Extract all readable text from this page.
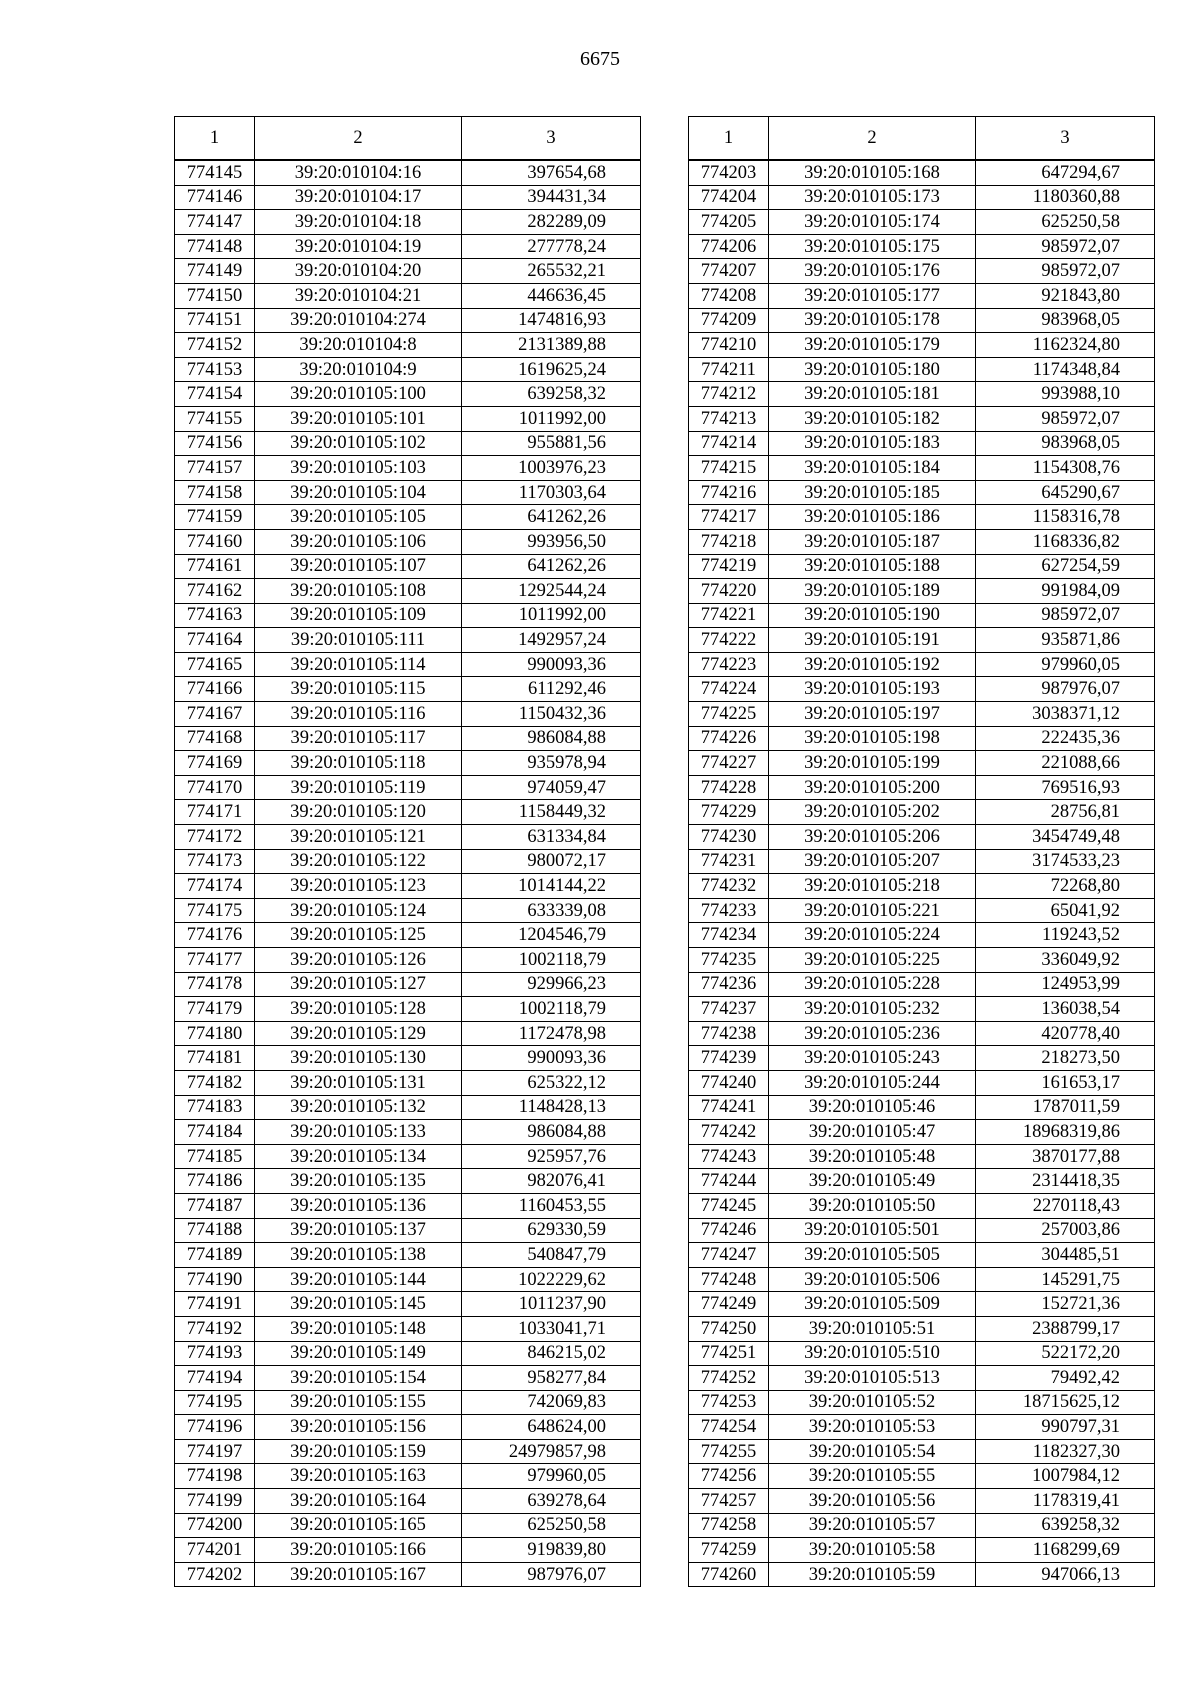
6675
1	2	3
774145	39:20:010104:16	397654,68
774146	39:20:010104:17	394431,34
774147	39:20:010104:18	282289,09
774148	39:20:010104:19	277778,24
774149	39:20:010104:20	265532,21
774150	39:20:010104:21	446636,45
774151	39:20:010104:274	1474816,93
774152	39:20:010104:8	2131389,88
774153	39:20:010104:9	1619625,24
774154	39:20:010105:100	639258,32
774155	39:20:010105:101	1011992,00
774156	39:20:010105:102	955881,56
774157	39:20:010105:103	1003976,23
774158	39:20:010105:104	1170303,64
774159	39:20:010105:105	641262,26
774160	39:20:010105:106	993956,50
774161	39:20:010105:107	641262,26
774162	39:20:010105:108	1292544,24
774163	39:20:010105:109	1011992,00
774164	39:20:010105:111	1492957,24
774165	39:20:010105:114	990093,36
774166	39:20:010105:115	611292,46
774167	39:20:010105:116	1150432,36
774168	39:20:010105:117	986084,88
774169	39:20:010105:118	935978,94
774170	39:20:010105:119	974059,47
774171	39:20:010105:120	1158449,32
774172	39:20:010105:121	631334,84
774173	39:20:010105:122	980072,17
774174	39:20:010105:123	1014144,22
774175	39:20:010105:124	633339,08
774176	39:20:010105:125	1204546,79
774177	39:20:010105:126	1002118,79
774178	39:20:010105:127	929966,23
774179	39:20:010105:128	1002118,79
774180	39:20:010105:129	1172478,98
774181	39:20:010105:130	990093,36
774182	39:20:010105:131	625322,12
774183	39:20:010105:132	1148428,13
774184	39:20:010105:133	986084,88
774185	39:20:010105:134	925957,76
774186	39:20:010105:135	982076,41
774187	39:20:010105:136	1160453,55
774188	39:20:010105:137	629330,59
774189	39:20:010105:138	540847,79
774190	39:20:010105:144	1022229,62
774191	39:20:010105:145	1011237,90
774192	39:20:010105:148	1033041,71
774193	39:20:010105:149	846215,02
774194	39:20:010105:154	958277,84
774195	39:20:010105:155	742069,83
774196	39:20:010105:156	648624,00
774197	39:20:010105:159	24979857,98
774198	39:20:010105:163	979960,05
774199	39:20:010105:164	639278,64
774200	39:20:010105:165	625250,58
774201	39:20:010105:166	919839,80
774202	39:20:010105:167	987976,07
1	2	3
774203	39:20:010105:168	647294,67
774204	39:20:010105:173	1180360,88
774205	39:20:010105:174	625250,58
774206	39:20:010105:175	985972,07
774207	39:20:010105:176	985972,07
774208	39:20:010105:177	921843,80
774209	39:20:010105:178	983968,05
774210	39:20:010105:179	1162324,80
774211	39:20:010105:180	1174348,84
774212	39:20:010105:181	993988,10
774213	39:20:010105:182	985972,07
774214	39:20:010105:183	983968,05
774215	39:20:010105:184	1154308,76
774216	39:20:010105:185	645290,67
774217	39:20:010105:186	1158316,78
774218	39:20:010105:187	1168336,82
774219	39:20:010105:188	627254,59
774220	39:20:010105:189	991984,09
774221	39:20:010105:190	985972,07
774222	39:20:010105:191	935871,86
774223	39:20:010105:192	979960,05
774224	39:20:010105:193	987976,07
774225	39:20:010105:197	3038371,12
774226	39:20:010105:198	222435,36
774227	39:20:010105:199	221088,66
774228	39:20:010105:200	769516,93
774229	39:20:010105:202	28756,81
774230	39:20:010105:206	3454749,48
774231	39:20:010105:207	3174533,23
774232	39:20:010105:218	72268,80
774233	39:20:010105:221	65041,92
774234	39:20:010105:224	119243,52
774235	39:20:010105:225	336049,92
774236	39:20:010105:228	124953,99
774237	39:20:010105:232	136038,54
774238	39:20:010105:236	420778,40
774239	39:20:010105:243	218273,50
774240	39:20:010105:244	161653,17
774241	39:20:010105:46	1787011,59
774242	39:20:010105:47	18968319,86
774243	39:20:010105:48	3870177,88
774244	39:20:010105:49	2314418,35
774245	39:20:010105:50	2270118,43
774246	39:20:010105:501	257003,86
774247	39:20:010105:505	304485,51
774248	39:20:010105:506	145291,75
774249	39:20:010105:509	152721,36
774250	39:20:010105:51	2388799,17
774251	39:20:010105:510	522172,20
774252	39:20:010105:513	79492,42
774253	39:20:010105:52	18715625,12
774254	39:20:010105:53	990797,31
774255	39:20:010105:54	1182327,30
774256	39:20:010105:55	1007984,12
774257	39:20:010105:56	1178319,41
774258	39:20:010105:57	639258,32
774259	39:20:010105:58	1168299,69
774260	39:20:010105:59	947066,13
